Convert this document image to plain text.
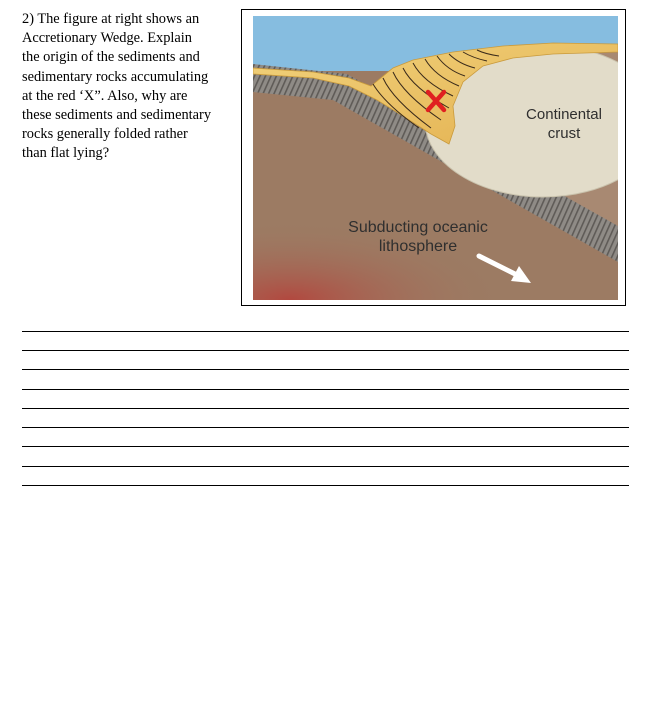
2) The figure at right shows an
Accretionary Wedge. Explain
the origin of the sediments and
sedimentary rocks accumulating
at the red ‘X”. Also, why are
these sediments and sedimentary
rocks generally folded rather
than flat lying?
Continental
crust
Subducting oceanic
lithosphere
